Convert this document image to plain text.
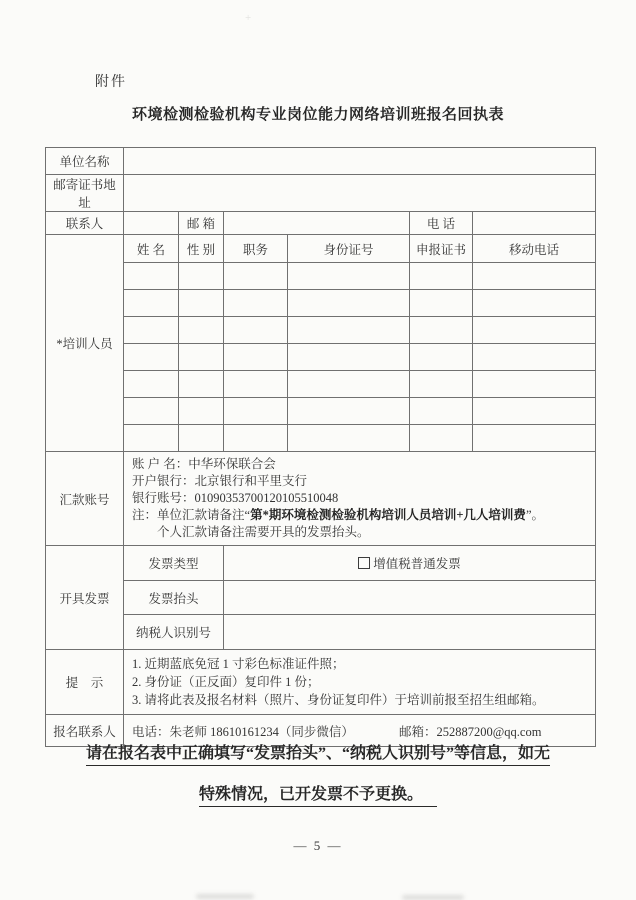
+
附件
环境检测检验机构专业岗位能力网络培训班报名回执表
单位名称						
邮寄证书地址						
联系人		邮 箱			电 话	
*培训人员	姓 名	性 别	职务	身份证号	申报证书	移动电话

汇款账号	账 户 名：中华环保联合会
开户银行：北京银行和平里支行
银行账号：01090353700120105510048
注：单位汇款请备注“第*期环境检测检验机构培训人员培训+几人培训费”。
个人汇款请备注需要开具的发票抬头。					

开具发票	发票类型		增值税普通发票			
	发票抬头					
	纳税人识别号					
提　示	1. 近期蓝底免冠 1 寸彩色标准证件照；
2. 身份证（正反面）复印件 1 份；
3. 请将此表及报名材料（照片、身份证复印件）于培训前报至招生组邮箱。					

报名联系人	电话：朱老师 18610161234（同步微信） 邮箱：252887200@qq.com					
请在报名表中正确填写“发票抬头”、“纳税人识别号”等信息，如无
特殊情况，已开发票不予更换。
— 5 —
